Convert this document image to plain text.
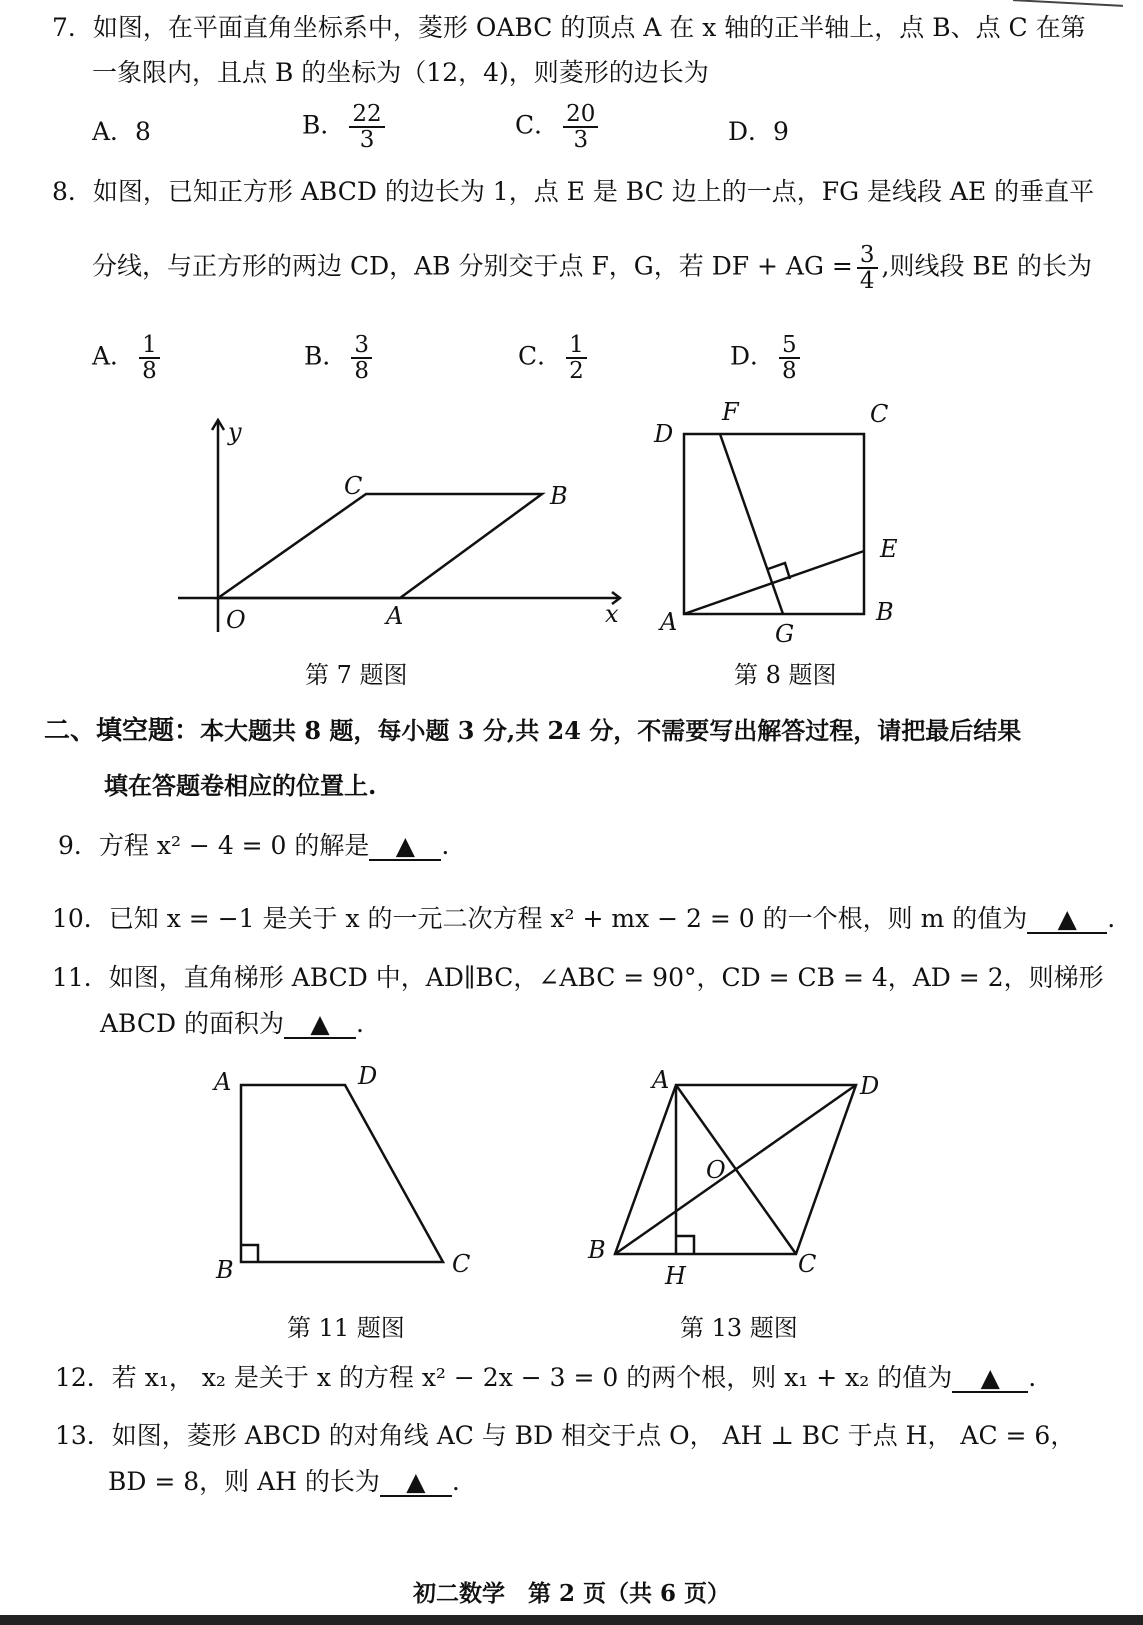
7．如图，在平面直角坐标系中，菱形 OABC 的顶点 A 在 x 轴的正半轴上，点 B、点 C 在第
一象限内，且点 B 的坐标为（12，4)，则菱形的边长为
A．8	B． $\frac{22}{3}$	C． $\frac{20}{3}$	D．9
8．如图，已知正方形 ABCD 的边长为 1，点 E 是 BC 边上的一点，FG 是线段 AE 的垂直平
分线，与正方形的两边 CD，AB 分别交于点 F，G，若 DF + AG = $\frac{3}{4}$ ,则线段 BE 的长为
A． $\frac{1}{8}$	B． $\frac{3}{8}$	C． $\frac{1}{2}$	D． $\frac{5}{8}$
y
x
O	A
B
C
D
F	C
E
A	B
G
第 7 题图	第 8 题图
二、填空题：本大题共 8 题，每小题 3 分,共 24 分，不需要写出解答过程，请把最后结果
填在答题卷相应的位置上.
9．方程 x² − 4 = 0 的解是 ▲ .
10．已知 x = −1 是关于 x 的一元二次方程 x² + mx − 2 = 0 的一个根，则 m 的值为 ▲ .
11．如图，直角梯形 ABCD 中，AD∥BC，∠ABC = 90°，CD = CB = 4，AD = 2，则梯形
ABCD 的面积为 ▲ .
A	D
B	C
A	D
O
B
H	C
第 11 题图	第 13 题图
12．若 x₁， x₂ 是关于 x 的方程 x² − 2x − 3 = 0 的两个根，则 x₁ + x₂ 的值为 ▲ .
13．如图，菱形 ABCD 的对角线 AC 与 BD 相交于点 O， AH ⊥ BC 于点 H， AC = 6，
BD = 8，则 AH 的长为 ▲ .
初二数学　第 2 页（共 6 页）
